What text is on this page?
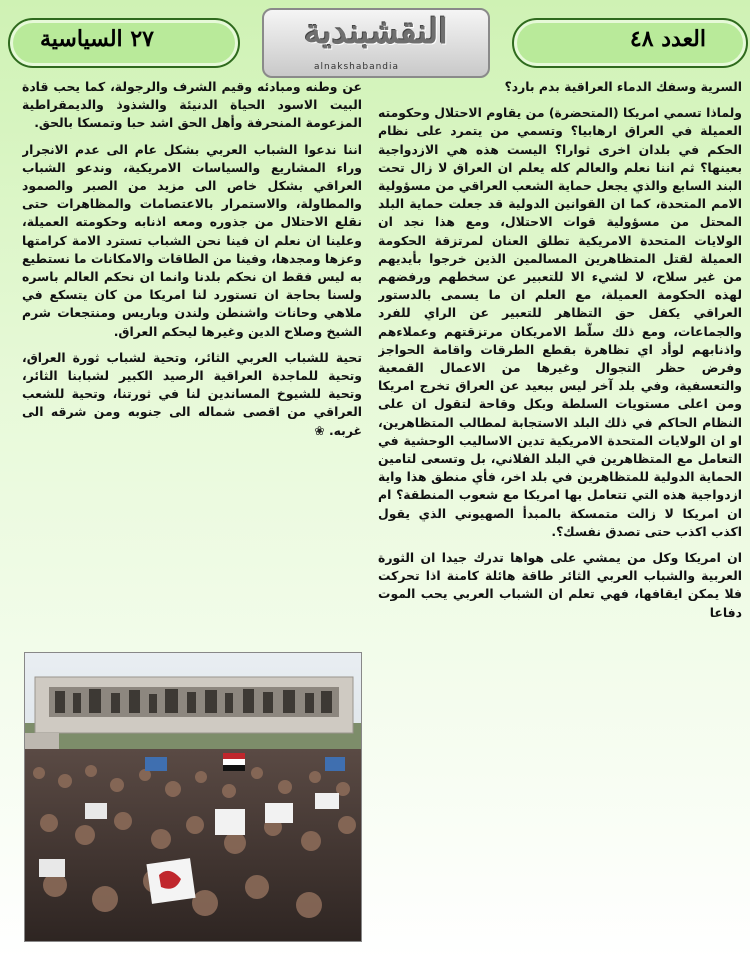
٢٧ السياسية	النقشبندية
alnakshabandia
العدد ٤٨

السرية وسفك الدماء العراقية بدم بارد؟

ولماذا تسمي امريكا (المتحضرة) من يقاوم الاحتلال وحكومته العميلة في العراق ارهابيا؟ وتسمي من يتمرد على نظام الحكم في بلدان اخرى ثوارا؟ اليست هذه هي الازدواجية بعينها؟ ثم اننا نعلم والعالم كله يعلم ان العراق لا زال تحت البند السابع والذي يجعل حماية الشعب العراقي من مسؤولية الامم المتحدة، كما ان القوانين الدولية قد جعلت حماية البلد المحتل من مسؤولية قوات الاحتلال، ومع هذا نجد ان الولايات المتحدة الامريكية تطلق العنان لمرتزقة الحكومة العميلة لقتل المتظاهرين المسالمين الذين خرجوا بأيديهم من غير سلاح، لا لشيء الا للتعبير عن سخطهم ورفضهم لهذه الحكومة العميلة، مع العلم ان ما يسمى بالدستور العراقي يكفل حق التظاهر للتعبير عن الراي للفرد والجماعات، ومع ذلك سلّط الامريكان مرتزقتهم وعملاءهم واذنابهم لوأد اي تظاهرة بقطع الطرقات واقامة الحواجز وفرض حظر التجوال وغيرها من الاعمال القمعية والتعسفية، وفي بلد آخر ليس ببعيد عن العراق تخرج امريكا ومن اعلى مستويات السلطة وبكل وقاحة لتقول ان على النظام الحاكم في ذلك البلد الاستجابة لمطالب المتظاهرين، او ان الولايات المتحدة الامريكية تدين الاساليب الوحشية في التعامل مع المتظاهرين في البلد الفلاني، بل وتسعى لتامين الحماية الدولية للمتظاهرين في بلد اخر، فأي منطق هذا واية ازدواجية هذه التي تتعامل بها امريكا مع شعوب المنطقة؟ ام ان امريكا لا زالت متمسكة بالمبدأ الصهيوني الذي يقول اكذب اكذب حتى تصدق نفسك؟.

ان امريكا وكل من يمشي على هواها تدرك جيدا ان الثورة العربية والشباب العربي الثائر طاقة هائلة كامنة اذا تحركت فلا يمكن ايقافها، فهي تعلم ان الشباب العربي يحب الموت دفاعا

عن وطنه ومبادئه وقيم الشرف والرجولة، كما يحب قادة البيت الاسود الحياة الدنيئة والشذوذ والديمقراطية المزعومة المنحرفة وأهل الحق اشد حبا وتمسكا بالحق.

اننا ندعوا الشباب العربي بشكل عام الى عدم الانجرار وراء المشاريع والسياسات الامريكية، وندعو الشباب العراقي بشكل خاص الى مزيد من الصبر والصمود والمطاولة، والاستمرار بالاعتصامات والمظاهرات حتى نقلع الاحتلال من جذوره ومعه اذنابه وحكومته العميلة، وعلينا ان نعلم ان فينا نحن الشباب تسترد الامة كرامتها وعزها ومجدها، وفينا من الطاقات والامكانات ما نستطيع به ليس فقط ان نحكم بلدنا وانما ان نحكم العالم باسره ولسنا بحاجة ان تستورد لنا امريكا من كان يتسكع في ملاهي وحانات واشنطن ولندن وباريس ومنتجعات شرم الشيخ وصلاح الدين وغيرها ليحكم العراق.

تحية للشباب العربي الثائر، وتحية لشباب ثورة العراق، وتحية للماجدة العراقية الرصيد الكبير لشبابنا الثائر، وتحية للشيوخ المساندين لنا في ثورتنا، وتحية للشعب العراقي من اقصى شماله الى جنوبه ومن شرقه الى غربه. ❀
